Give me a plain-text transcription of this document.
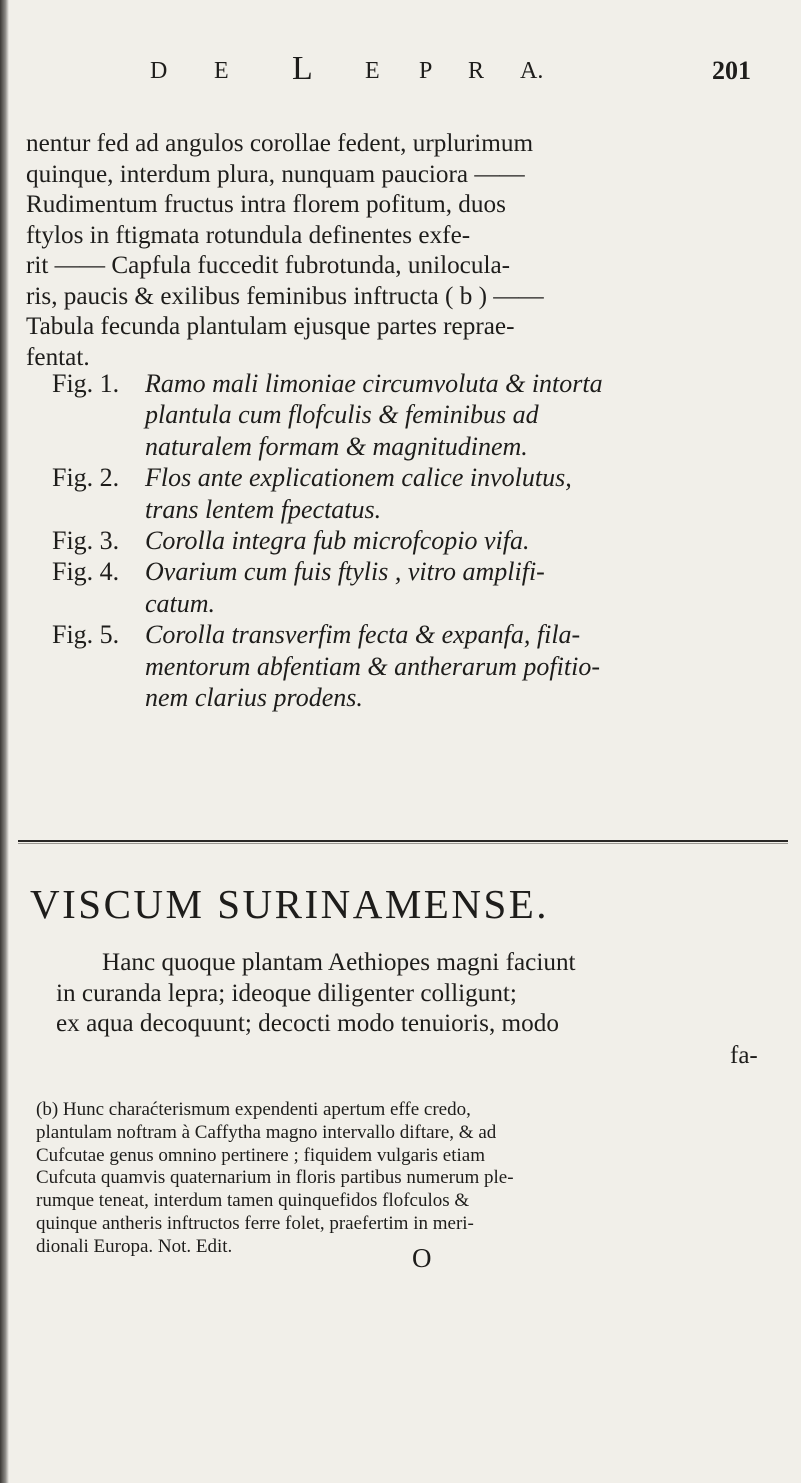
D E L E P R A.	201

nentur fed ad angulos corollae fedent, urplurimum

quinque, interdum plura, nunquam pauciora ——

Rudimentum fructus intra florem pofitum, duos

ftylos in ftigmata rotundula definentes exfe-

rit —— Capfula fuccedit fubrotunda, unilocula-

ris, paucis & exilibus feminibus inftructa ( b ) ——

Tabula fecunda plantulam ejusque partes reprae-

fentat.

Fig. 1. Ramo mali limoniae circumvoluta & intorta
plantula cum flofculis & feminibus ad
naturalem formam & magnitudinem.
Fig. 2. Flos ante explicationem calice involutus,
trans lentem fpectatus.
Fig. 3. Corolla integra fub microfcopio vifa.
Fig. 4. Ovarium cum fuis ftylis , vitro amplifi-
catum.
Fig. 5. Corolla transverfim fecta & expanfa, fila-
mentorum abfentiam & antherarum pofitio-
nem clarius prodens.
VISCUM SURINAMENSE.
Hanc quoque plantam Aethiopes magni faciunt
in curanda lepra; ideoque diligenter colligunt;
ex aqua decoquunt; decocti modo tenuioris, modo
fa-
(b) Hunc charaćterismum expendenti apertum effe credo,
plantulam noftram à Caffytha magno intervallo diftare, & ad
Cufcutae genus omnino pertinere ; fiquidem vulgaris etiam
Cufcuta quamvis quaternarium in floris partibus numerum ple-
rumque teneat, interdum tamen quinquefidos flofculos &
quinque antheris inftructos ferre folet, praefertim in meri-
dionali Europa. Not. Edit.	O
